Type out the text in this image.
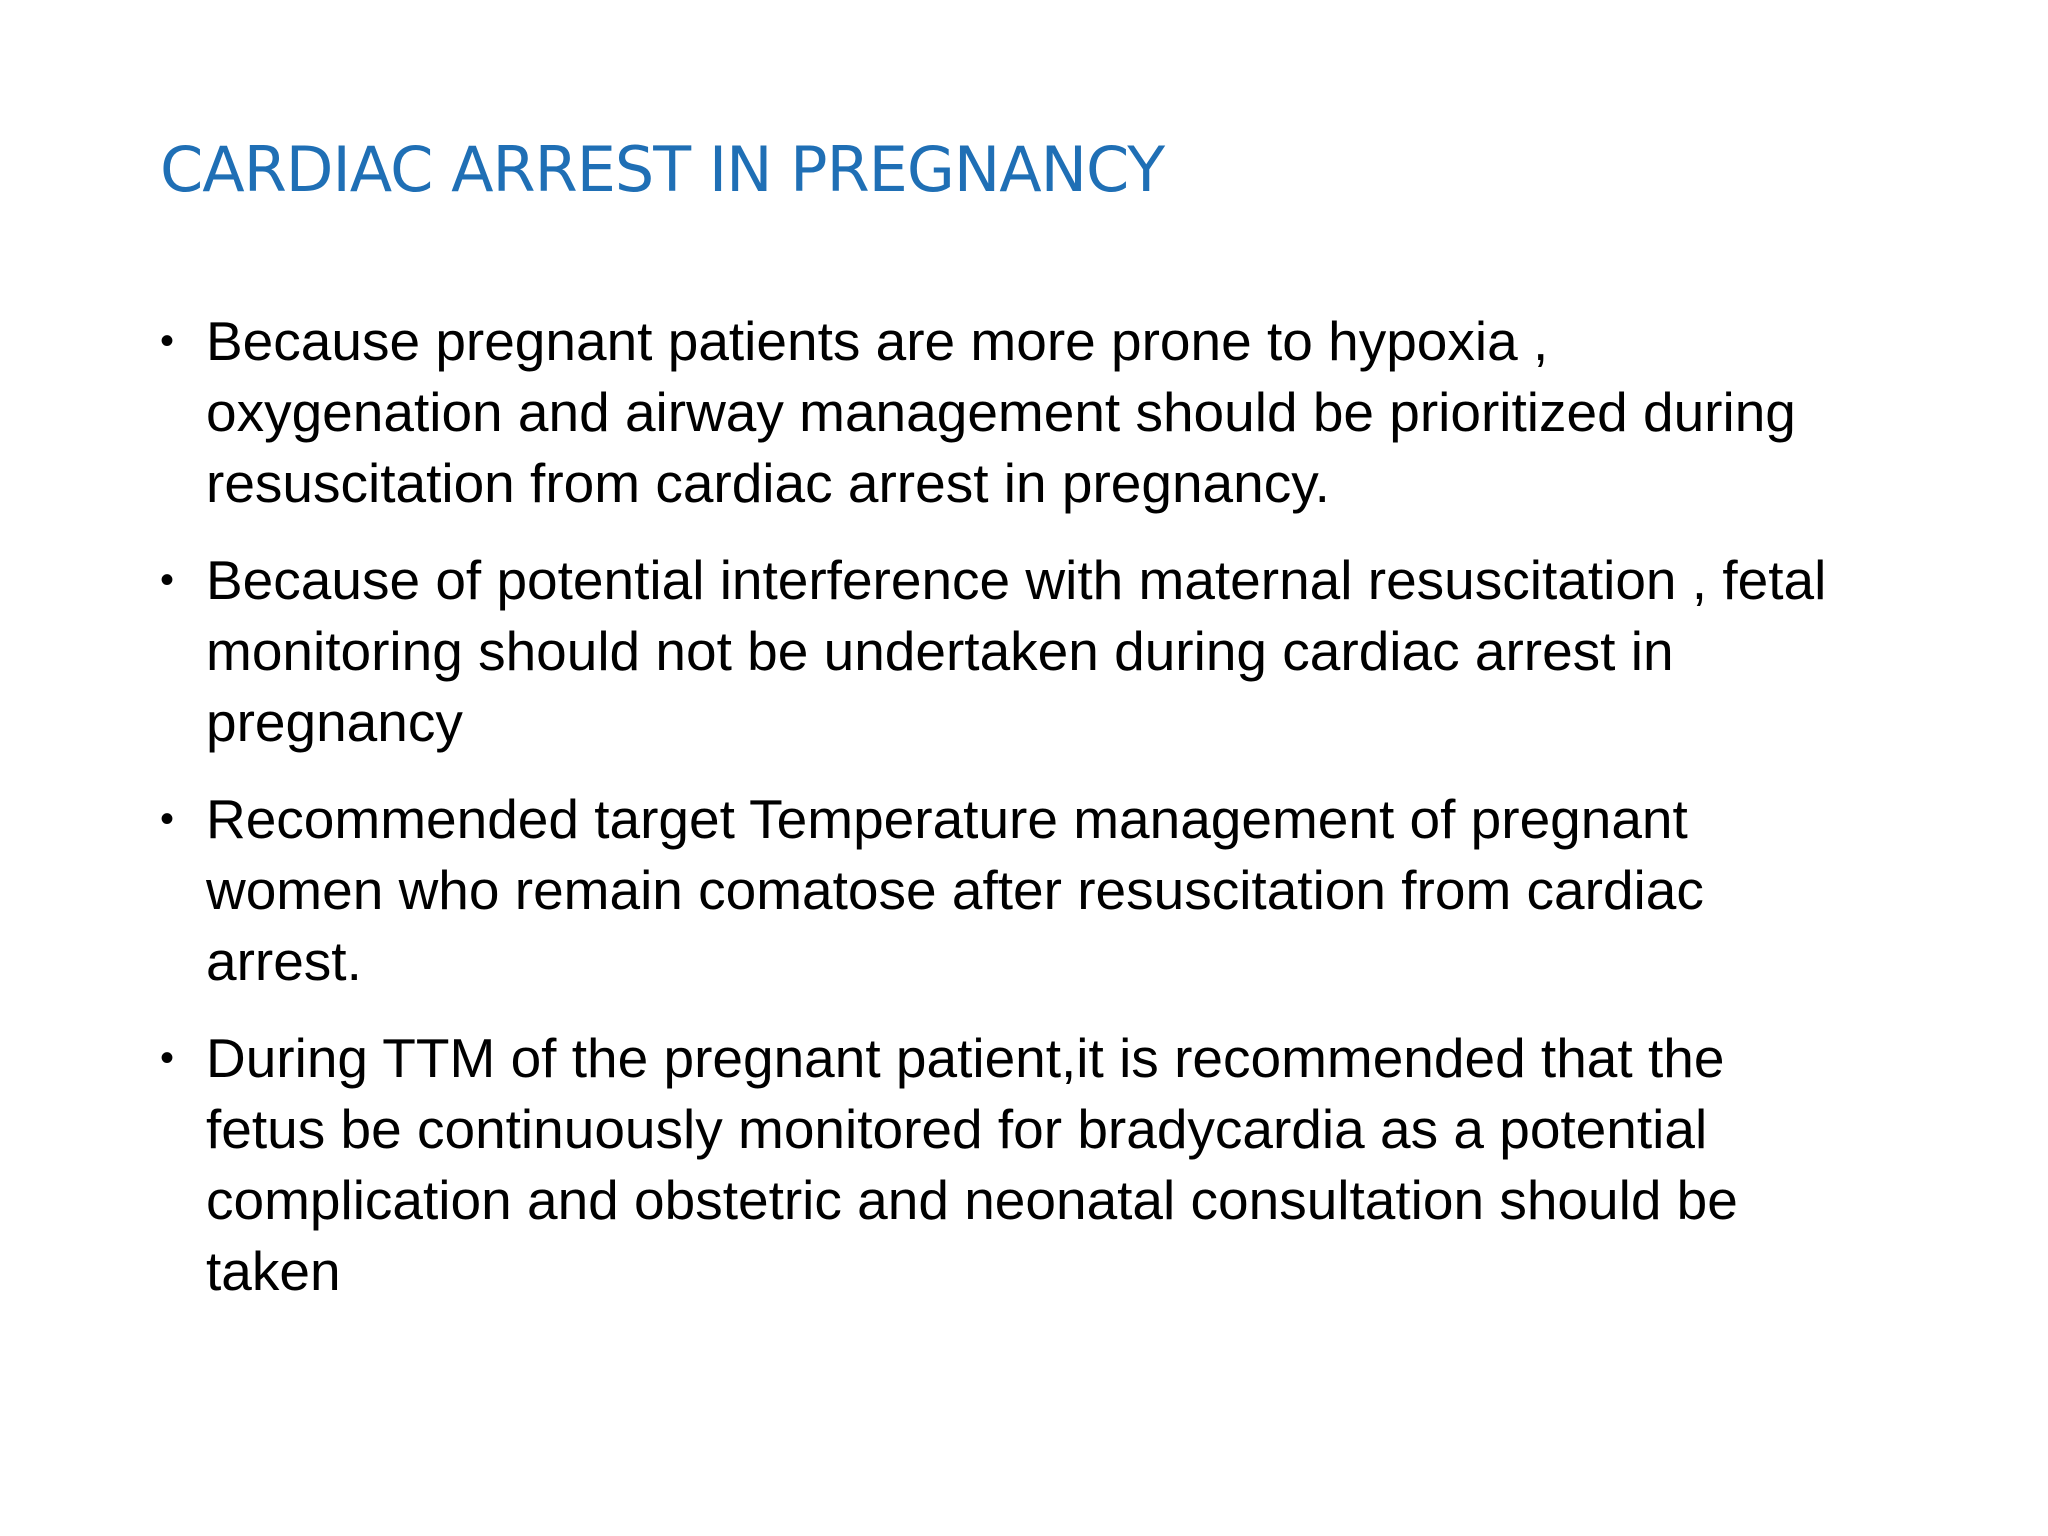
CARDIAC ARREST IN PREGNANCY
• Because pregnant patients are more prone to hypoxia , oxygenation and airway management should be prioritized during resuscitation from cardiac arrest in pregnancy.
• Because of potential interference with maternal resuscitation , fetal monitoring should not be undertaken during cardiac arrest in pregnancy
• Recommended target Temperature management of pregnant women who remain comatose after resuscitation from cardiac arrest.
• During TTM of the pregnant patient,it is recommended that the fetus be continuously monitored for bradycardia as a potential complication and obstetric and neonatal consultation should be taken
